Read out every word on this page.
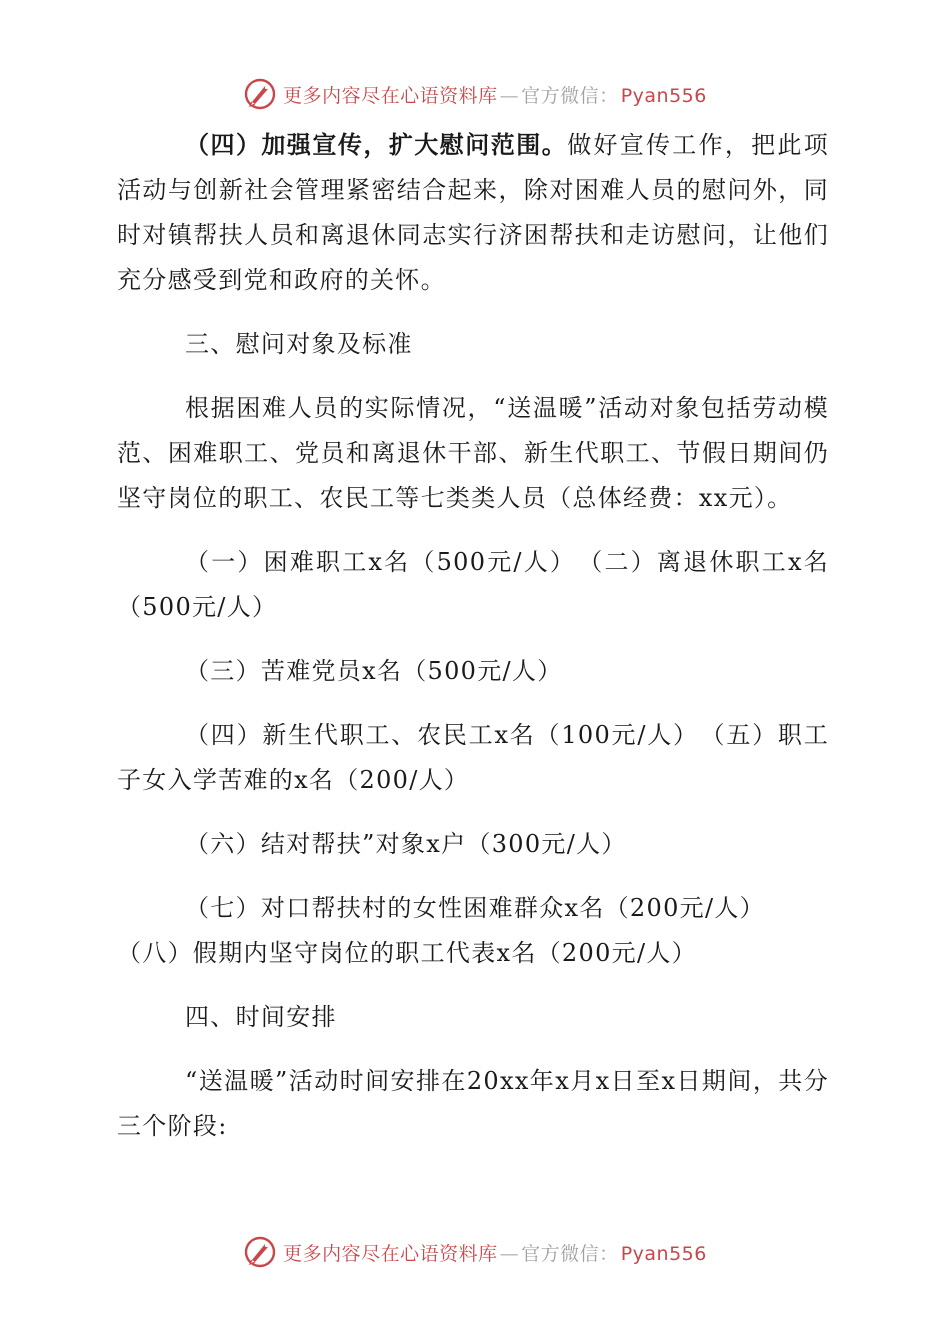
更多内容尽在心语资料库 — 官方微信： Pyan556

（四）加强宣传，扩大慰问范围。做好宣传工作，把此项活动与创新社会管理紧密结合起来，除对困难人员的慰问外，同时对镇帮扶人员和离退休同志实行济困帮扶和走访慰问，让他们充分感受到党和政府的关怀。

三、慰问对象及标准

根据困难人员的实际情况，“送温暖”活动对象包括劳动模范、困难职工、党员和离退休干部、新生代职工、节假日期间仍坚守岗位的职工、农民工等七类类人员（总体经费：xx元）。

（一）困难职工x名（500元/人）　（二）离退休职工x名（500元/人）

（三）苦难党员x名（500元/人）

（四）新生代职工、农民工x名（100元/人）　（五）职工子女入学苦难的x名（200/人）

（六）结对帮扶”对象x户（300元/人）

（七）对口帮扶村的女性困难群众x名（200元/人）

（八）假期内坚守岗位的职工代表x名（200元/人）

四、时间安排

“送温暖”活动时间安排在20xx年x月x日至x日期间，共分三个阶段:

更多内容尽在心语资料库 — 官方微信： Pyan556
